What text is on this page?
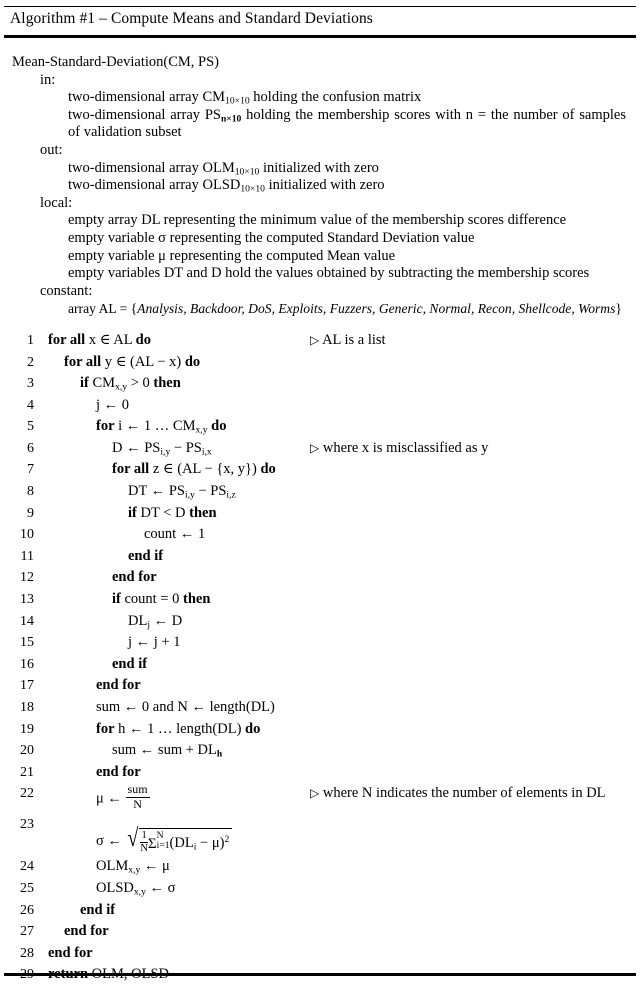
Algorithm #1 – Compute Means and Standard Deviations
Mean-Standard-Deviation(CM, PS)
in:
two-dimensional array $CM_{10\times 10}$ holding the confusion matrix
two-dimensional array $PS_{n\times 10}$ holding the membership scores with n = the number of samples of validation subset
out:
two-dimensional array $OLM_{10\times 10}$ initialized with zero
two-dimensional array $OLSD_{10\times 10}$ initialized with zero
local:
empty array DL representing the minimum value of the membership scores difference
empty variable σ representing the computed Standard Deviation value
empty variable μ representing the computed Mean value
empty variables DT and D hold the values obtained by subtracting the membership scores
constant:
array AL = {Analysis, Backdoor, DoS, Exploits, Fuzzers, Generic, Normal, Recon, Shellcode, Worms}
1 for all x ∈ AL do	▷ AL is a list
2	for all y ∈ (AL − x) do
3	if $CM_{x,y} > 0$ then
4	j ← 0
5	for i ← 1 … $CM_{x,y}$ do
6	D ← $PS_{i,y} - PS_{i,x}$	▷ where x is misclassified as y
7	for all z ∈ (AL − {x, y}) do
8	DT ← $PS_{i,y} - PS_{i,z}$
9	if DT < D then
10	count ← 1
11	end if
12	end for
13	if count = 0 then
14	$DL_j$ ← D
15	j ← j + 1
16	end if
17	end for
18	sum ← 0 and N ← length(DL)
19	for h ← 1 … length(DL) do
20	sum ← sum + $DL_h$
21	end for
22	μ ← $\frac{\text{sum}}{N}$	▷ where N indicates the number of elements in DL
23
σ ← √ $\frac{1}{N}$ Σ
N
i=1 $(DL_i - \mu)^2$
24	$OLM_{x,y}$ ← μ
25	$OLSD_{x,y}$ ← σ
26	end if
27	end for
28 end for
